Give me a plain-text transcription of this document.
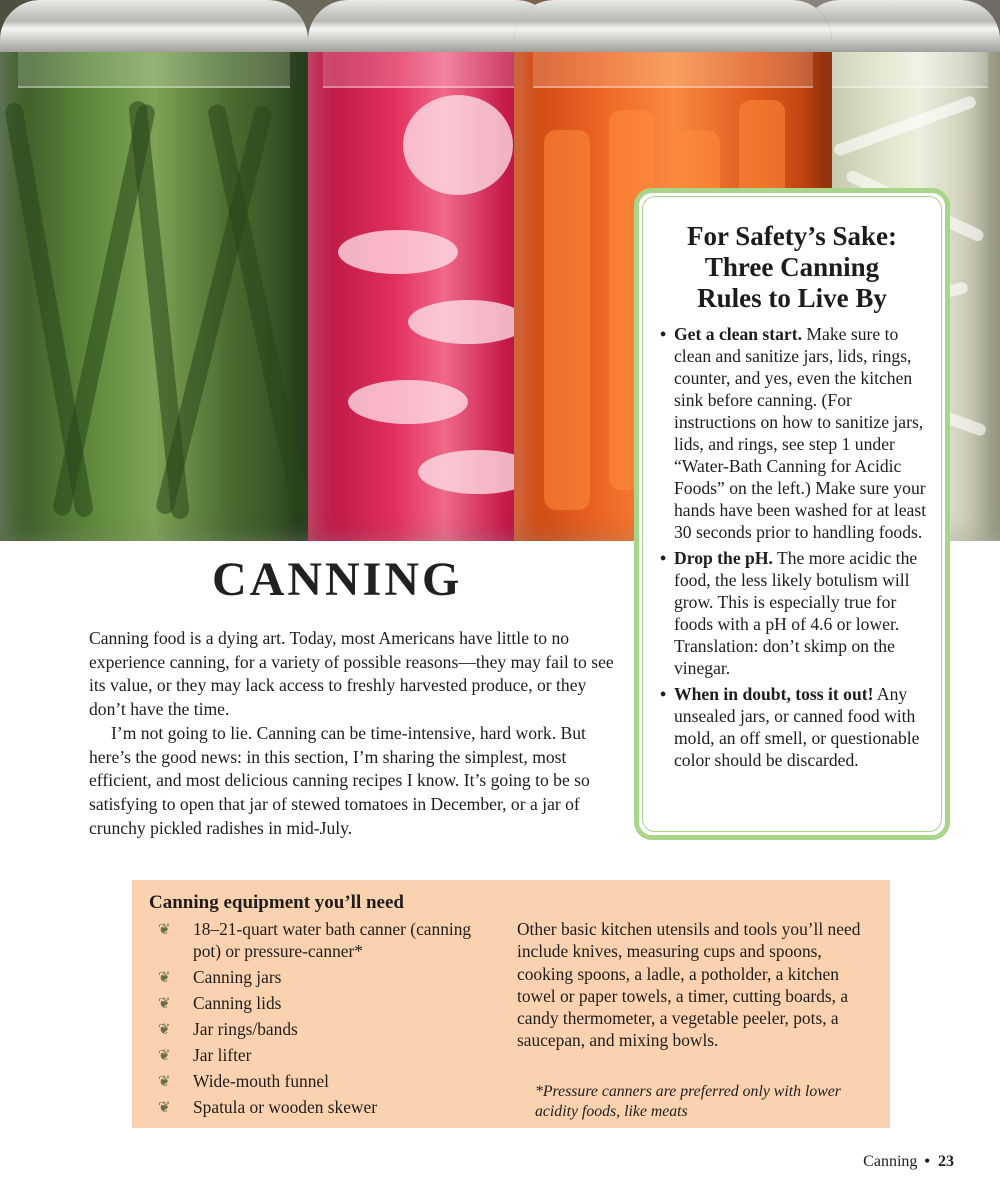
For Safety’s Sake:
Three Canning
Rules to Live By
• Get a clean start. Make sure to clean and sanitize jars, lids, rings, counter, and yes, even the kitchen sink before canning. (For instructions on how to sanitize jars, lids, and rings, see step 1 under “Water-Bath Canning for Acidic Foods” on the left.) Make sure your hands have been washed for at least 30 seconds prior to handling foods.
• Drop the pH. The more acidic the food, the less likely botulism will grow. This is especially true for foods with a pH of 4.6 or lower. Translation: don’t skimp on the vinegar.
• When in doubt, toss it out! Any unsealed jars, or canned food with mold, an off smell, or questionable color should be discarded.
CANNING

Canning food is a dying art. Today, most Americans have little to no experience canning, for a variety of possible reasons—they may fail to see its value, or they may lack access to freshly harvested produce, or they don’t have the time.

I’m not going to lie. Canning can be time-intensive, hard work. But here’s the good news: in this section, I’m sharing the simplest, most efficient, and most delicious canning recipes I know. It’s going to be so satisfying to open that jar of stewed tomatoes in December, or a jar of crunchy pickled radishes in mid-July.

Canning equipment you’ll need
❦ 18–21-quart water bath canner (canning pot) or pressure-canner*
❦ Canning jars
❦ Canning lids
❦ Jar rings/bands
❦ Jar lifter
❦ Wide-mouth funnel
❦ Spatula or wooden skewer
Other basic kitchen utensils and tools you’ll need include knives, measuring cups and spoons, cooking spoons, a ladle, a potholder, a kitchen towel or paper towels, a timer, cutting boards, a candy thermometer, a vegetable peeler, pots, a saucepan, and mixing bowls.
*Pressure canners are preferred only with lower acidity foods, like meats
Canning • 23
